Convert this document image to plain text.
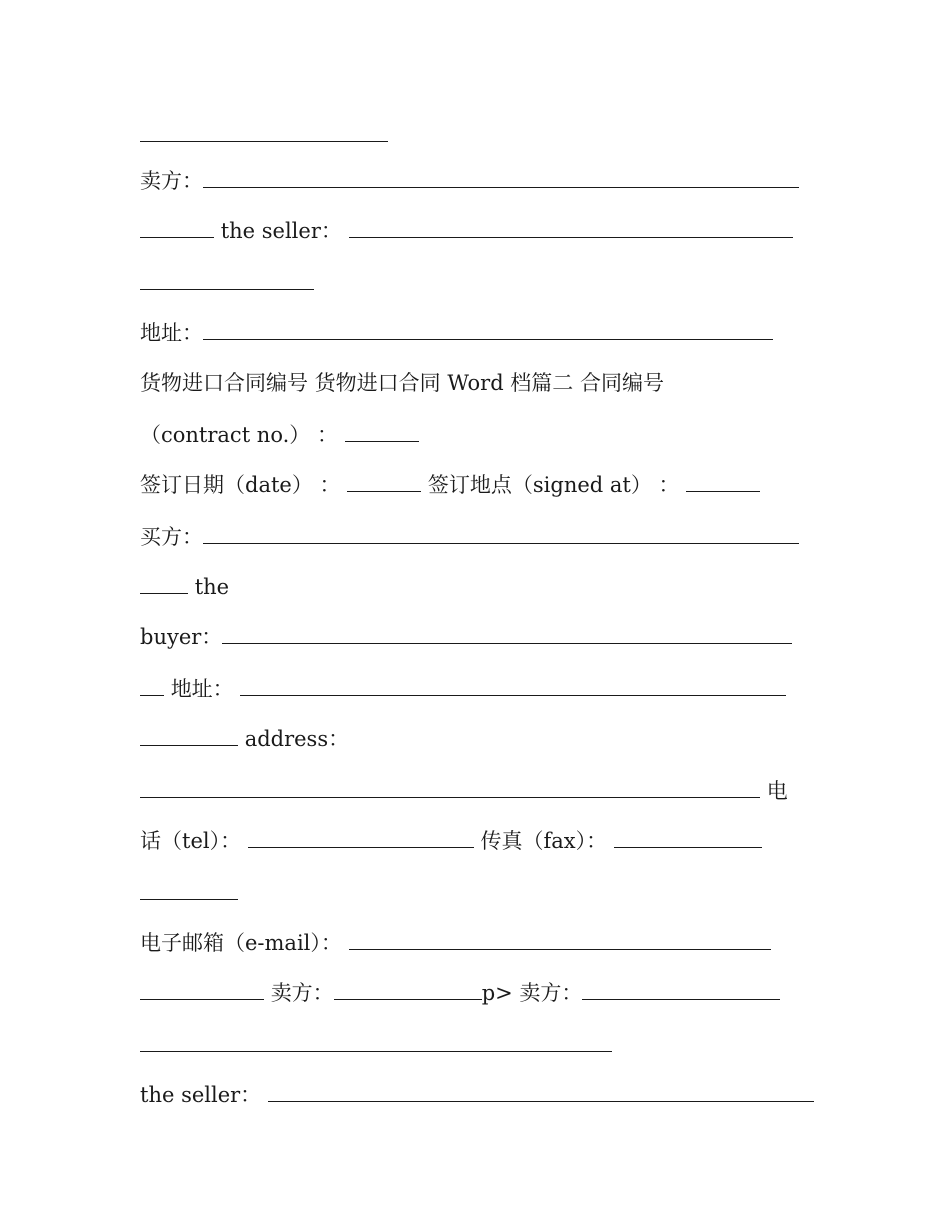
卖方：
the seller：
地址：
货物进口合同编号 货物进口合同 Word 档篇二 合同编号
（contract no.） ：
签订日期（date） ：	签订地点（signed at） ：
买方：
the
buyer：
地址：
address：
电
话（tel）：	传真（fax）：
电子邮箱（e-mail）：
卖方：	p> 卖方：
the seller：
